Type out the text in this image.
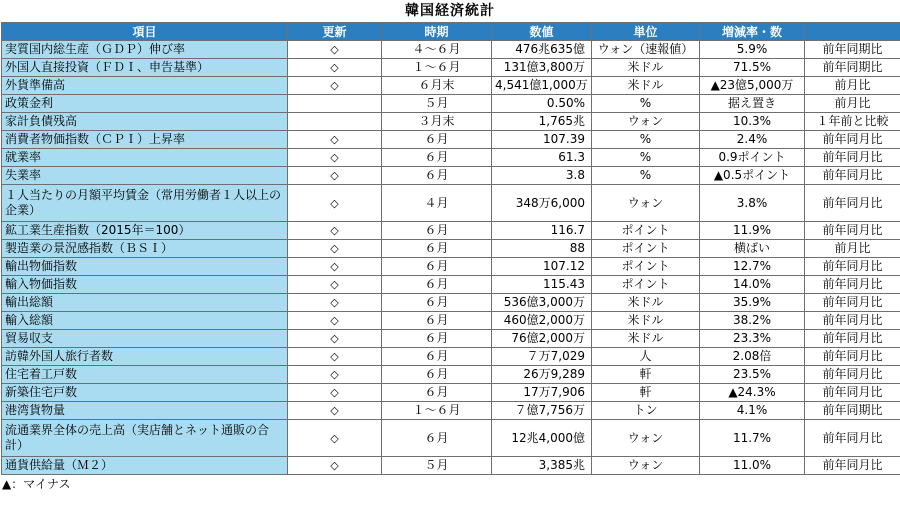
韓国経済統計
項目	更新	時期	数値	単位	増減率・数	
実質国内総生産（ＧＤＰ）伸び率	◇	４～６月	476兆635億	ウォン（速報値）	5.9%	前年同期比
外国人直接投資（ＦＤＩ、申告基準）	◇	１～６月	131億3,800万	米ドル	71.5%	前年同期比
外貨準備高	◇	６月末	4,541億1,000万	米ドル	▲23億5,000万	前月比
政策金利		５月	0.50%	%	据え置き	前月比
家計負債残高		３月末	1,765兆	ウォン	10.3%	１年前と比較
消費者物価指数（ＣＰＩ）上昇率	◇	６月	107.39	%	2.4%	前年同月比
就業率	◇	６月	61.3	%	0.9ポイント	前年同月比
失業率	◇	６月	3.8	%	▲0.5ポイント	前年同月比
１人当たりの月額平均賃金（常用労働者１人以上の企業）	◇	４月	348万6,000	ウォン	3.8%	前年同月比
鉱工業生産指数（2015年＝100）	◇	６月	116.7	ポイント	11.9%	前年同月比
製造業の景況感指数（ＢＳＩ）	◇	６月	88	ポイント	横ばい	前月比
輸出物価指数	◇	６月	107.12	ポイント	12.7%	前年同月比
輸入物価指数	◇	６月	115.43	ポイント	14.0%	前年同月比
輸出総額	◇	６月	536億3,000万	米ドル	35.9%	前年同月比
輸入総額	◇	６月	460億2,000万	米ドル	38.2%	前年同月比
貿易収支	◇	６月	76億2,000万	米ドル	23.3%	前年同月比
訪韓外国人旅行者数	◇	６月	７万7,029	人	2.08倍	前年同月比
住宅着工戸数	◇	６月	26万9,289	軒	23.5%	前年同月比
新築住宅戸数	◇	６月	17万7,906	軒	▲24.3%	前年同月比
港湾貨物量	◇	１～６月	７億7,756万	トン	4.1%	前年同期比
流通業界全体の売上高（実店舗とネット通販の合計）	◇	６月	12兆4,000億	ウォン	11.7%	前年同月比
通貨供給量（Ｍ２）	◇	５月	3,385兆	ウォン	11.0%	前年同月比
▲：マイナス
